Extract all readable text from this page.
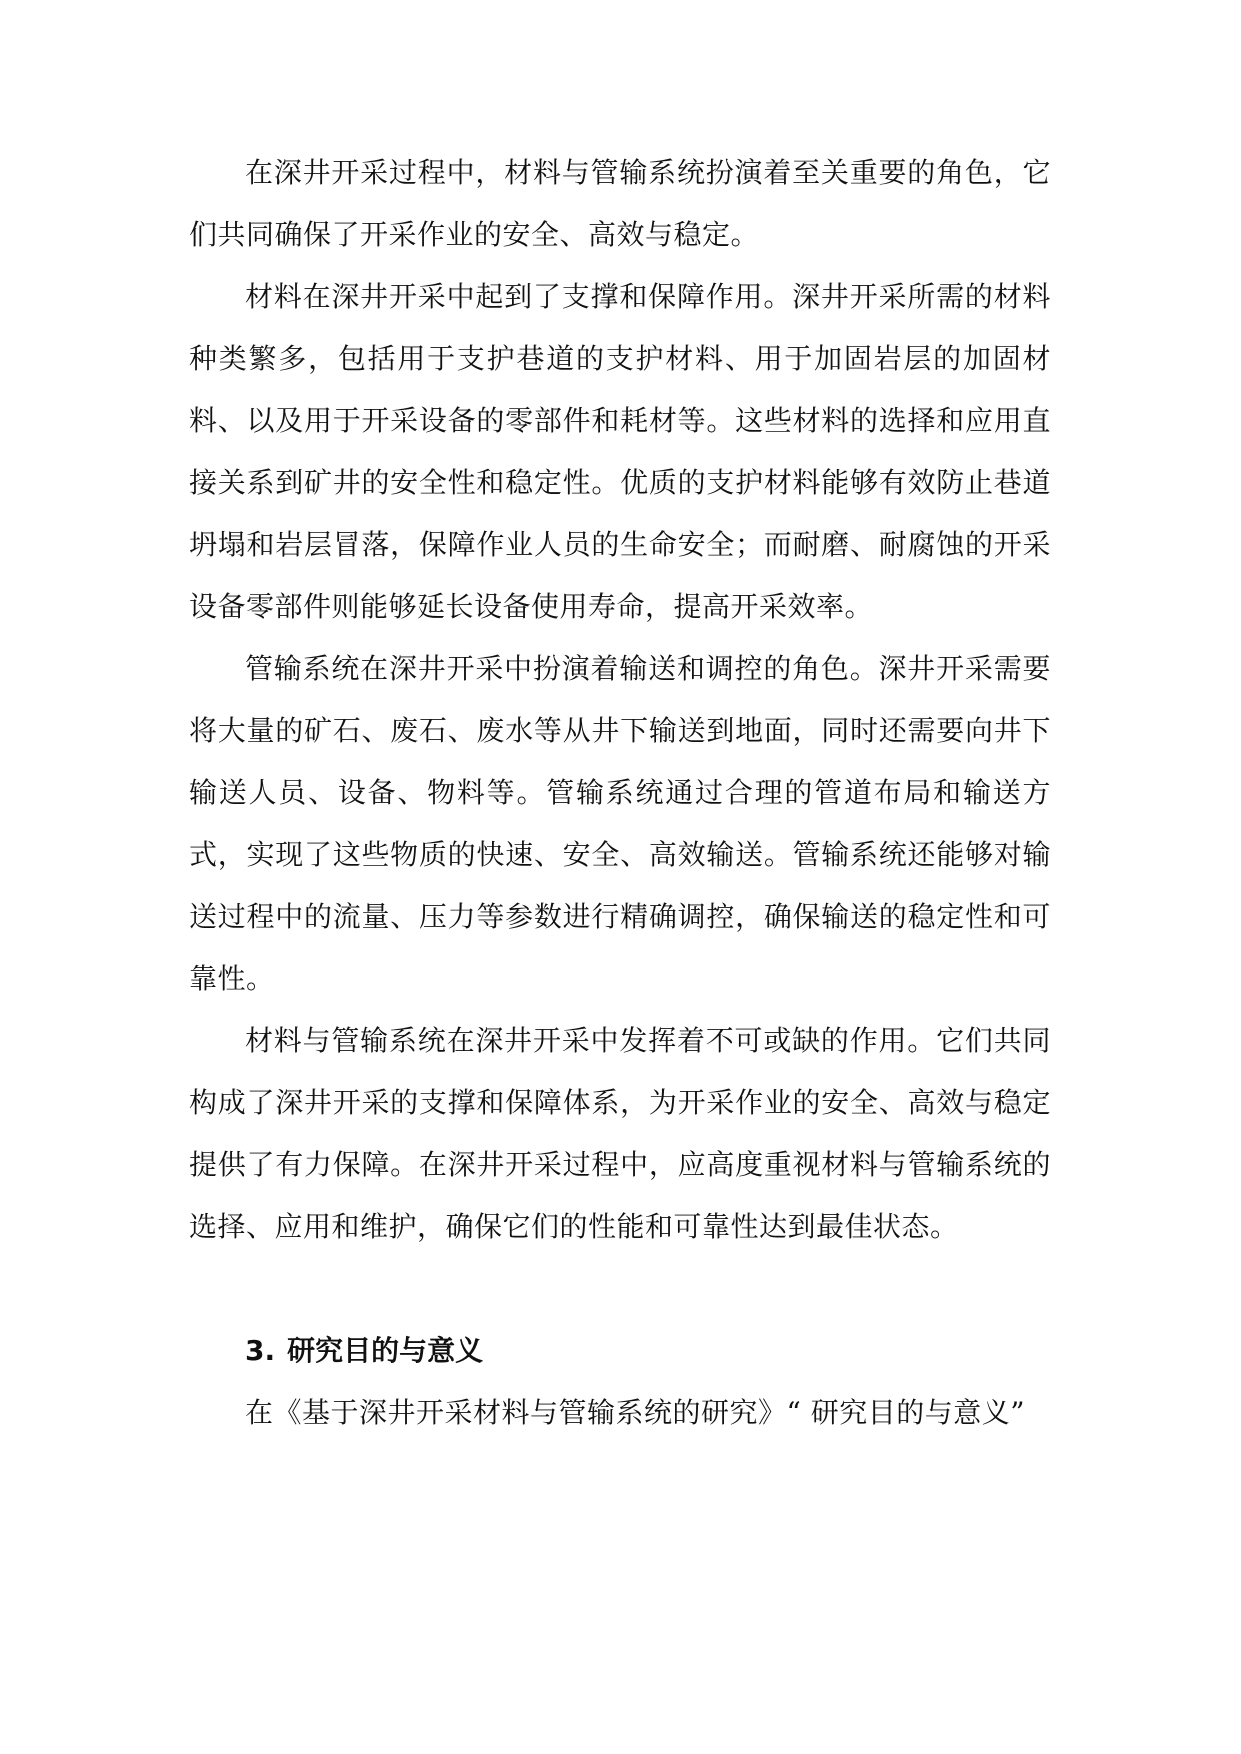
在深井开采过程中，材料与管输系统扮演着至关重要的角色，它们共同确保了开采作业的安全、高效与稳定。

材料在深井开采中起到了支撑和保障作用。深井开采所需的材料种类繁多，包括用于支护巷道的支护材料、用于加固岩层的加固材料、以及用于开采设备的零部件和耗材等。这些材料的选择和应用直接关系到矿井的安全性和稳定性。优质的支护材料能够有效防止巷道坍塌和岩层冒落，保障作业人员的生命安全；而耐磨、耐腐蚀的开采设备零部件则能够延长设备使用寿命，提高开采效率。

管输系统在深井开采中扮演着输送和调控的角色。深井开采需要将大量的矿石、废石、废水等从井下输送到地面，同时还需要向井下输送人员、设备、物料等。管输系统通过合理的管道布局和输送方式，实现了这些物质的快速、安全、高效输送。管输系统还能够对输送过程中的流量、压力等参数进行精确调控，确保输送的稳定性和可靠性。

材料与管输系统在深井开采中发挥着不可或缺的作用。它们共同构成了深井开采的支撑和保障体系，为开采作业的安全、高效与稳定提供了有力保障。在深井开采过程中，应高度重视材料与管输系统的选择、应用和维护，确保它们的性能和可靠性达到最佳状态。

3. 研究目的与意义

在《基于深井开采材料与管输系统的研究》“ 研究目的与意义”
